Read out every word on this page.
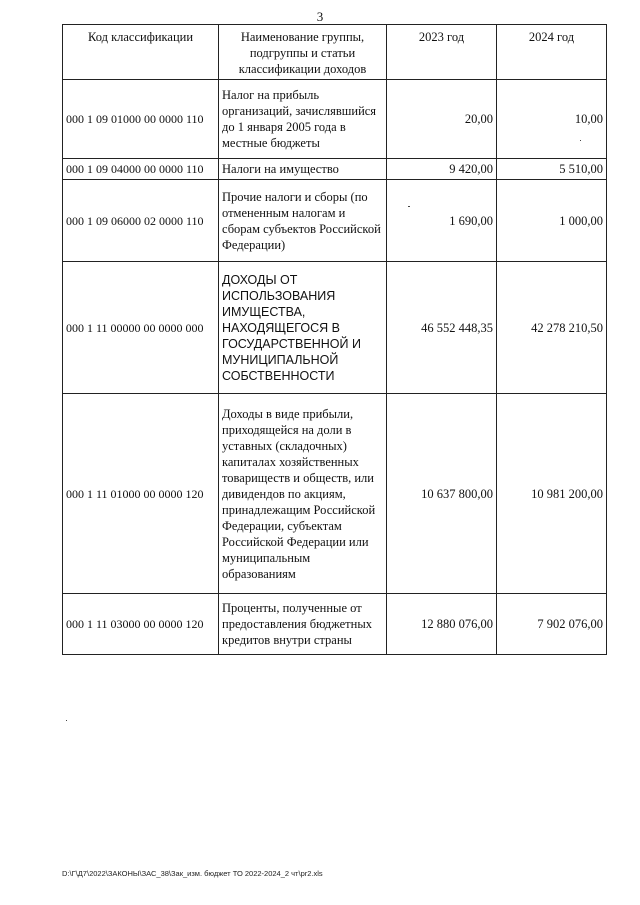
3
Код классификации	Наименование группы, подгруппы и статьи классификации доходов	2023 год	2024 год
000 1 09 01000 00 0000 110	Налог на прибыль организаций, зачислявшийся до 1 января 2005 года в местные бюджеты	20,00	10,00
000 1 09 04000 00 0000 110	Налоги на имущество	9 420,00	5 510,00
000 1 09 06000 02 0000 110	Прочие налоги и сборы (по отмененным налогам и сборам субъектов Российской Федерации)	1 690,00	1 000,00
000 1 11 00000 00 0000 000	ДОХОДЫ ОТ ИСПОЛЬЗОВАНИЯ ИМУЩЕСТВА, НАХОДЯЩЕГОСЯ В ГОСУДАРСТВЕННОЙ И МУНИЦИПАЛЬНОЙ СОБСТВЕННОСТИ	46 552 448,35	42 278 210,50
000 1 11 01000 00 0000 120	Доходы в виде прибыли, приходящейся на доли в уставных (складочных) капиталах хозяйственных товариществ и обществ, или дивидендов по акциям, принадлежащим Российской Федерации, субъектам Российской Федерации или муниципальным образованиям	10 637 800,00	10 981 200,00
000 1 11 03000 00 0000 120	Проценты, полученные от предоставления бюджетных кредитов внутри страны	12 880 076,00	7 902 076,00
D:\Г\Д7\2022\ЗАКОНЫ\ЗАС_38\Зак_изм. бюджет ТО 2022-2024_2 чт\pr2.xls
